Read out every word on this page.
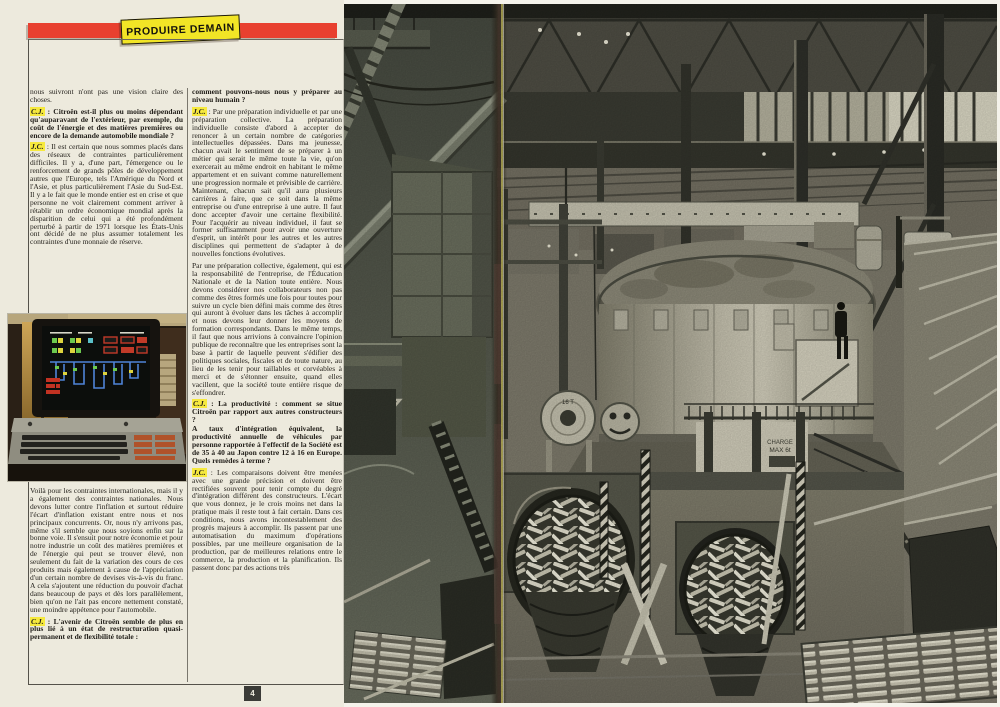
PRODUIRE DEMAIN

nous suivront n'ont pas une vision claire des choses.

C.J. : Citroën est-il plus ou moins dépendant qu'auparavant de l'extérieur, par exemple, du coût de l'énergie et des matières premières ou encore de la demande automobile mondiale ?

J.C. : Il est certain que nous sommes placés dans des réseaux de contraintes particulièrement difficiles. Il y a, d'une part, l'émergence ou le renforcement de grands pôles de développement autres que l'Europe, tels l'Amérique du Nord et l'Asie, et plus particulièrement l'Asie du Sud-Est. Il y a le fait que le monde entier est en crise et que personne ne voit clairement comment arriver à rétablir un ordre économique mondial après la disparition de celui qui a été profondément perturbé à partir de 1971 lorsque les États-Unis ont décidé de ne plus assumer totalement les contraintes d'une monnaie de réserve.

Voilà pour les contraintes internationales, mais il y a également des contraintes nationales. Nous devons lutter contre l'inflation et surtout réduire l'écart d'inflation existant entre nous et nos principaux concurrents. Or, nous n'y arrivons pas, même s'il semble que nous soyions enfin sur la bonne voie. Il s'ensuit pour notre économie et pour notre industrie un coût des matières premières et de l'énergie qui peut se trouver élevé, non seulement du fait de la variation des cours de ces produits mais également à cause de l'appréciation d'un certain nombre de devises vis-à-vis du franc. A cela s'ajoutent une réduction du pouvoir d'achat dans beaucoup de pays et dès lors parallèlement, bien qu'on ne l'ait pas encore nettement constaté, une moindre appétence pour l'automobile.

C.J. : L'avenir de Citroën semble de plus en plus lié à un état de restructuration quasi-permanent et de flexibilité totale :

comment pouvons-nous nous y préparer au niveau humain ?

J.C. : Par une préparation individuelle et par une préparation collective. La préparation individuelle consiste d'abord à accepter de renoncer à un certain nombre de catégories intellectuelles dépassées. Dans ma jeunesse, chacun avait le sentiment de se préparer à un métier qui serait le même toute la vie, qu'on exercerait au même endroit en habitant le même appartement et en suivant comme naturellement une progression normale et prévisible de carrière. Maintenant, chacun sait qu'il aura plusieurs carrières à faire, que ce soit dans la même entreprise ou d'une entreprise à une autre. Il faut donc accepter d'avoir une certaine flexibilité. Pour l'acquérir au niveau individuel, il faut se former suffisamment pour avoir une ouverture d'esprit, un intérêt pour les autres et les autres disciplines qui permettent de s'adapter à de nouvelles fonctions évolutives.

Par une préparation collective, également, qui est la responsabilité de l'entreprise, de l'Éducation Nationale et de la Nation toute entière. Nous devons considérer nos collaborateurs non pas comme des êtres formés une fois pour toutes pour suivre un cycle bien défini mais comme des êtres qui auront à évoluer dans les tâches à accomplir et nous devons leur donner les moyens de formation correspondants. Dans le même temps, il faut que nous arrivions à convaincre l'opinion publique de reconnaître que les entreprises sont la base à partir de laquelle peuvent s'édifier des politiques sociales, fiscales et de toute nature, au lieu de les tenir pour taillables et corvéables à merci et de s'étonner ensuite, quand elles vacillent, que la société toute entière risque de s'effondrer.

C.J. : La productivité : comment se situe Citroën par rapport aux autres constructeurs ?

A taux d'intégration équivalent, la productivité annuelle de véhicules par personne rapportée à l'effectif de la Société est de 35 à 40 au Japon contre 12 à 16 en Europe. Quels remèdes à terme ?

J.C. : Les comparaisons doivent être menées avec une grande précision et doivent être rectifiées souvent pour tenir compte du degré d'intégration différent des constructeurs. L'écart que vous donnez, je le crois moins net dans la pratique mais il reste tout à fait certain. Dans ces conditions, nous avons incontestablement des progrès majeurs à accomplir. Ils passent par une automatisation du maximum d'opérations possibles, par une meilleure organisation de la production, par de meilleures relations entre le commerce, la production et la planification. Ils passent donc par des actions très

4
CHARGE
MAX 6t
16 T
